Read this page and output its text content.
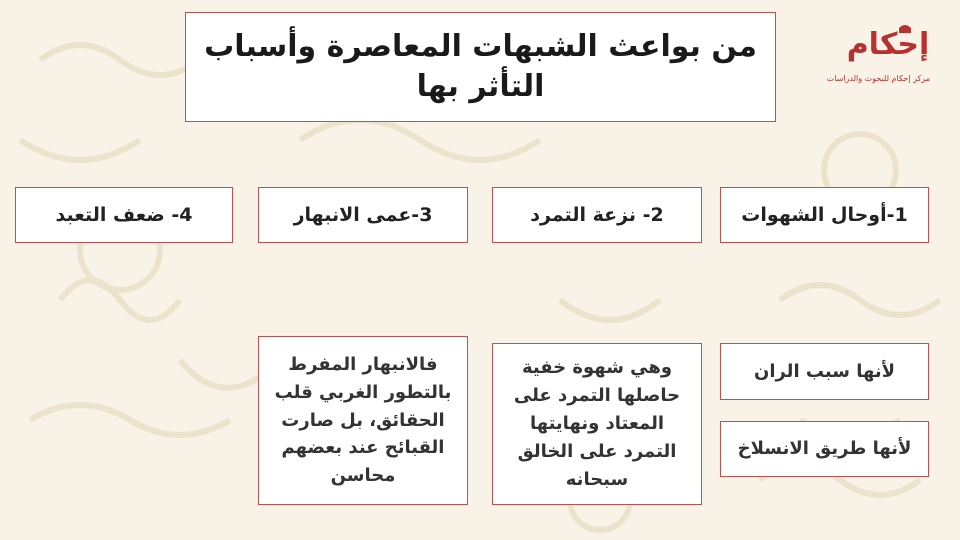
من بواعث الشبهات المعاصرة وأسباب التأثر بها
إحكام
مركز إحكام للبحوث والدراسات
1-أوحال الشهوات
2- نزعة التمرد
3-عمى الانبهار
4- ضعف التعبد
لأنها سبب الران
لأنها طريق الانسلاخ
وهي شهوة خفية حاصلها التمرد على المعتاد ونهايتها التمرد على الخالق سبحانه
فالانبهار المفرط بالتطور الغربي قلب الحقائق، بل صارت القبائح عند بعضهم محاسن
